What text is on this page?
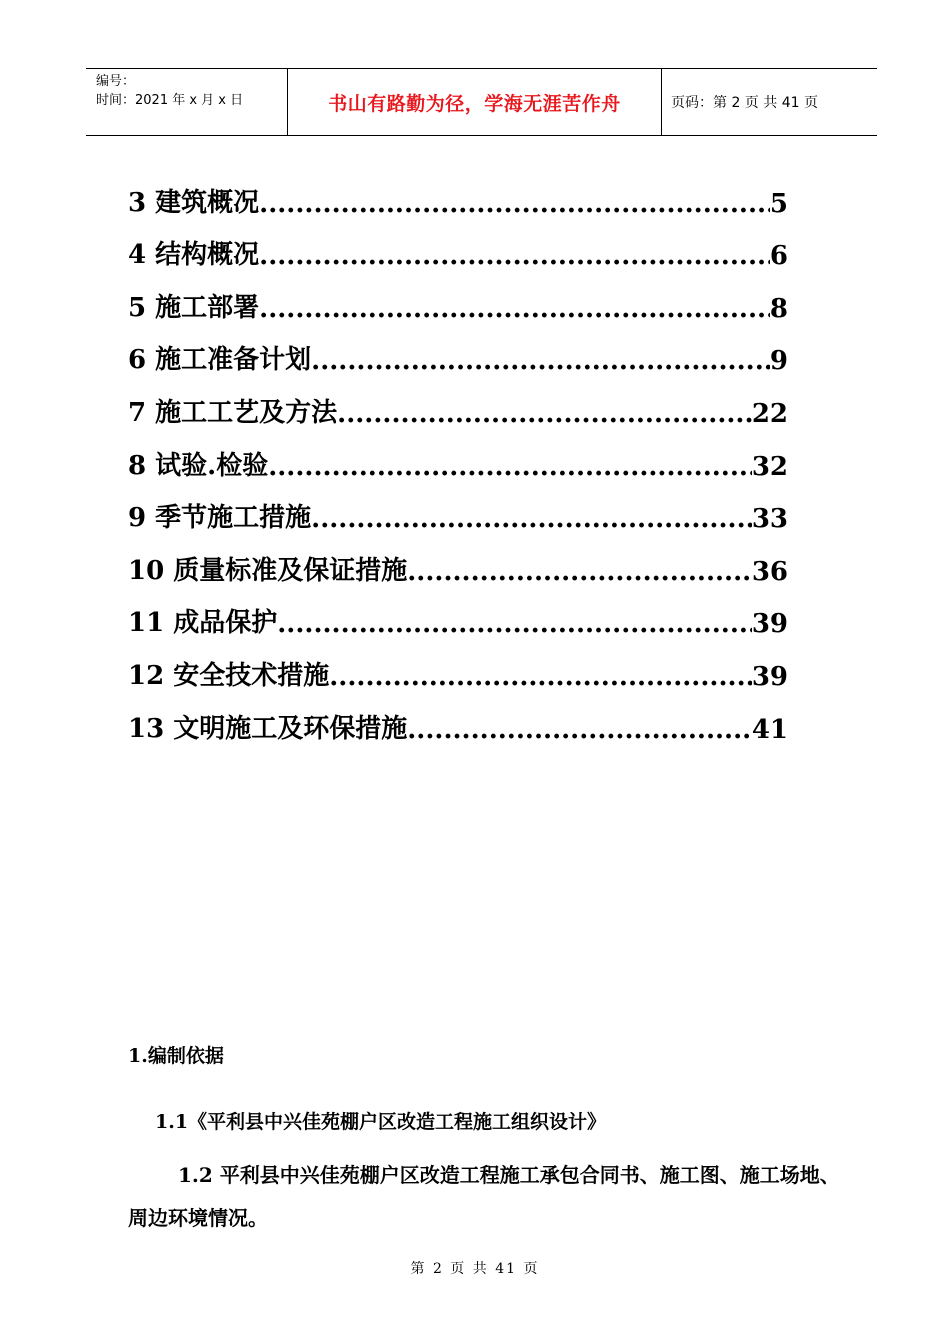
编号：
时间：2021 年 x 月 x 日	书山有路勤为径，学海无涯苦作舟	页码：第 2 页 共 41 页
3 建筑概况 .....	5
4 结构概况 .....	6
5 施工部署 .....	8
6 施工准备计划 .....	9
7 施工工艺及方法 .....	22
8 试验.检验 .....	32
9 季节施工措施 .....	33
10 质量标准及保证措施 .....	36
11 成品保护 .....	39
12 安全技术措施 .....	39
13 文明施工及环保措施 .....	41
1.编制依据
1.1《平利县中兴佳苑棚户区改造工程施工组织设计》
1.2 平利县中兴佳苑棚户区改造工程施工承包合同书、施工图、施工场地、周边环境情况。
第 2 页 共 41 页
